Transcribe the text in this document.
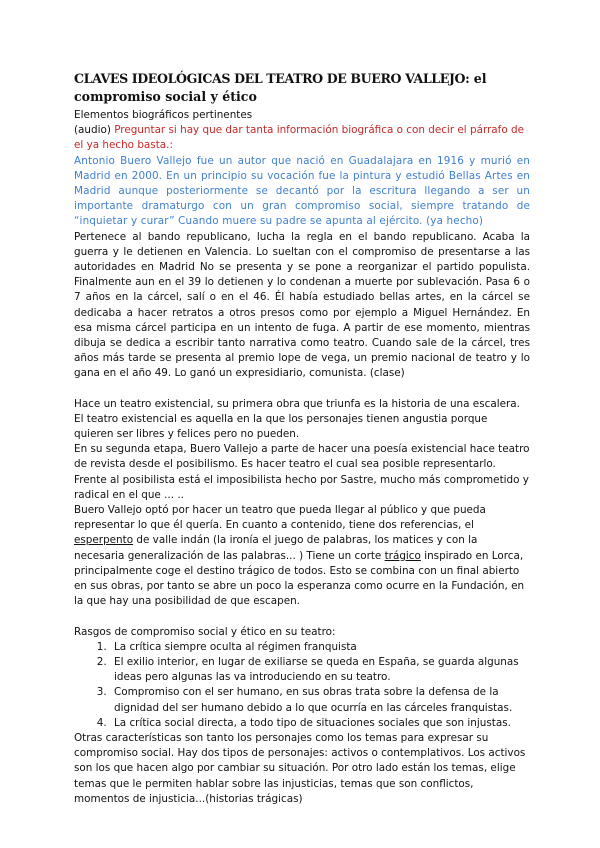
CLAVES IDEOLÓGICAS DEL TEATRO DE BUERO VALLEJO: el compromiso social y ético

Elementos biográficos pertinentes

(audio) Preguntar si hay que dar tanta información biográfica o con decir el párrafo de el ya hecho basta.:

Antonio Buero Vallejo fue un autor que nació en Guadalajara en 1916 y murió en Madrid en 2000. En un principio su vocación fue la pintura y estudió Bellas Artes en Madrid aunque posteriormente se decantó por la escritura llegando a ser un importante dramaturgo con un gran compromiso social, siempre tratando de “inquietar y curar” Cuando muere su padre se apunta al ejército. (ya hecho)

Pertenece al bando republicano, lucha la regla en el bando republicano. Acaba la guerra y le detienen en Valencia. Lo sueltan con el compromiso de presentarse a las autoridades en Madrid No se presenta y se pone a reorganizar el partido populista. Finalmente aun en el 39 lo detienen y lo condenan a muerte por sublevación. Pasa 6 o 7 años en la cárcel, salí o en el 46. Él había estudiado bellas artes, en la cárcel se dedicaba a hacer retratos a otros presos como por ejemplo a Miguel Hernández. En esa misma cárcel participa en un intento de fuga. A partir de ese momento, mientras dibuja se dedica a escribir tanto narrativa como teatro. Cuando sale de la cárcel, tres años más tarde se presenta al premio lope de vega, un premio nacional de teatro y lo gana en el año 49. Lo ganó un expresidiario, comunista. (clase)

Hace un teatro existencial, su primera obra que triunfa es la historia de una escalera. El teatro existencial es aquella en la que los personajes tienen angustia porque quieren ser libres y felices pero no pueden.

En su segunda etapa, Buero Vallejo a parte de hacer una poesía existencial hace teatro de revista desde el posibilismo. Es hacer teatro el cual sea posible representarlo. Frente al posibilista está el imposibilista hecho por Sastre, mucho más comprometido y radical en el que ... ..

Buero Vallejo optó por hacer un teatro que pueda llegar al público y que pueda representar lo que él quería. En cuanto a contenido, tiene dos referencias, el esperpento de valle indán (la ironía el juego de palabras, los matices y con la necesaria generalización de las palabras... ) Tiene un corte trágico inspirado en Lorca, principalmente coge el destino trágico de todos. Esto se combina con un final abierto en sus obras, por tanto se abre un poco la esperanza como ocurre en la Fundación, en la que hay una posibilidad de que escapen.

Rasgos de compromiso social y ético en su teatro:

1. La crítica siempre oculta al régimen franquista
2. El exilio interior, en lugar de exiliarse se queda en España, se guarda algunas ideas pero algunas las va introduciendo en su teatro.
3. Compromiso con el ser humano, en sus obras trata sobre la defensa de la dignidad del ser humano debido a lo que ocurría en las cárceles franquistas.
4. La crítica social directa, a todo tipo de situaciones sociales que son injustas.

Otras características son tanto los personajes como los temas para expresar su compromiso social. Hay dos tipos de personajes: activos o contemplativos. Los activos son los que hacen algo por cambiar su situación. Por otro lado están los temas, elige temas que le permiten hablar sobre las injusticias, temas que son conflictos, momentos de injusticia...(historias trágicas)
